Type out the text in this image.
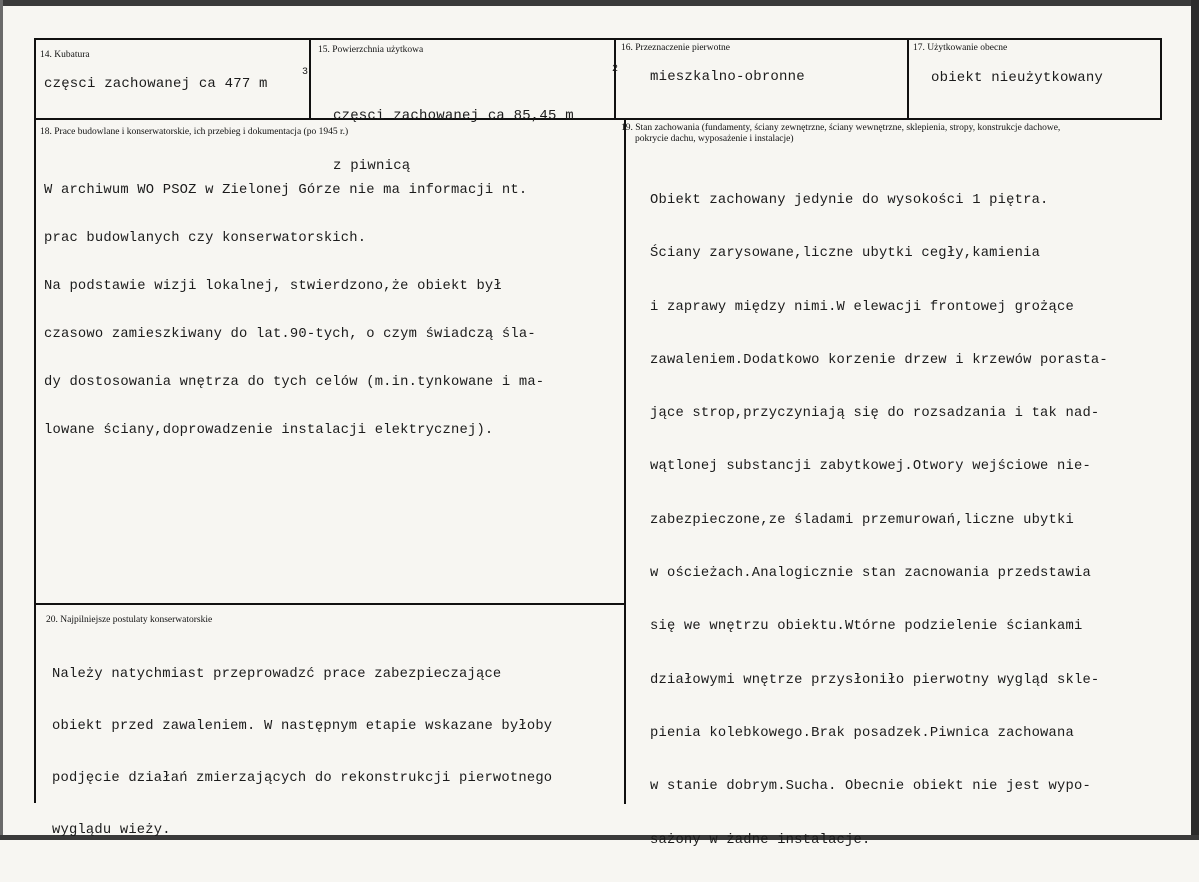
14. Kubatura
częsci zachowanej ca 477 m
3
15. Powierzchnia użytkowa

częsci zachowanej ca 85,45 m

z piwnicą

2
16. Przeznaczenie pierwotne
mieszkalno-obronne
17. Użytkowanie obecne
obiekt nieużytkowany
18. Prace budowlane i konserwatorskie, ich przebieg i dokumentacja (po 1945 r.)

W archiwum WO PSOZ w Zielonej Górze nie ma informacji nt.

prac budowlanych czy konserwatorskich.

Na podstawie wizji lokalnej, stwierdzono,że obiekt był

czasowo zamieszkiwany do lat.90-tych, o czym świadczą śla-

dy dostosowania wnętrza do tych celów (m.in.tynkowane i ma-

lowane ściany,doprowadzenie instalacji elektrycznej).

19. Stan zachowania (fundamenty, ściany zewnętrzne, ściany wewnętrzne, sklepienia, stropy, konstrukcje dachowe,
pokrycie dachu, wyposażenie i instalacje)

Obiekt zachowany jedynie do wysokości 1 piętra.

Ściany zarysowane,liczne ubytki cegły,kamienia

i zaprawy między nimi.W elewacji frontowej grożące

zawaleniem.Dodatkowo korzenie drzew i krzewów porasta-

jące strop,przyczyniają się do rozsadzania i tak nad-

wątlonej substancji zabytkowej.Otwory wejściowe nie-

zabezpieczone,ze śladami przemurowań,liczne ubytki

w ościeżach.Analogicznie stan zacnowania przedstawia

się we wnętrzu obiektu.Wtórne podzielenie ściankami

działowymi wnętrze przysłoniło pierwotny wygląd skle-

pienia kolebkowego.Brak posadzek.Piwnica zachowana

w stanie dobrym.Sucha. Obecnie obiekt nie jest wypo-

sażony w żadne instalacje.

20. Najpilniejsze postulaty konserwatorskie

Należy natychmiast przeprowadzć prace zabezpieczające

obiekt przed zawaleniem. W następnym etapie wskazane byłoby

podjęcie działań zmierzających do rekonstrukcji pierwotnego

wyglądu wieży.
